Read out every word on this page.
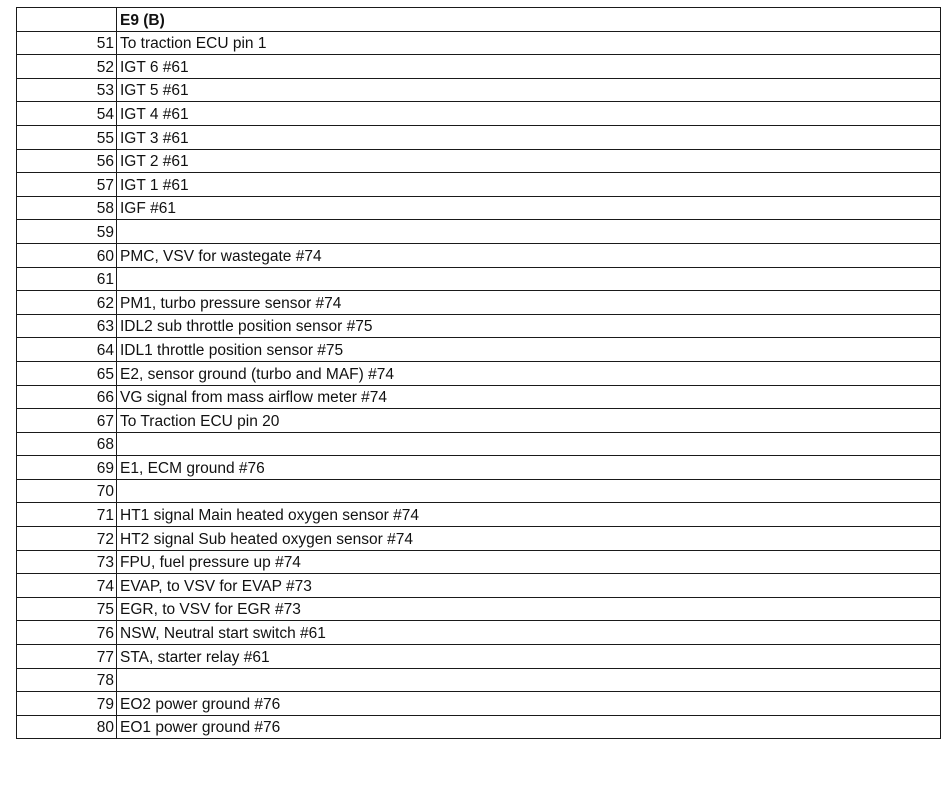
	E9 (B)
51	To traction ECU pin 1
52	IGT 6 #61
53	IGT 5 #61
54	IGT 4 #61
55	IGT 3 #61
56	IGT 2 #61
57	IGT 1 #61
58	IGF #61
59	
60	PMC, VSV for wastegate #74
61	
62	PM1, turbo pressure sensor #74
63	IDL2 sub throttle position sensor #75
64	IDL1 throttle position sensor #75
65	E2, sensor ground (turbo and MAF) #74
66	VG signal from mass airflow meter #74
67	To Traction ECU pin 20
68	
69	E1, ECM ground #76
70	
71	HT1 signal Main heated oxygen sensor #74
72	HT2 signal Sub heated oxygen sensor #74
73	FPU, fuel pressure up #74
74	EVAP, to VSV for EVAP #73
75	EGR, to VSV for EGR #73
76	NSW, Neutral start switch #61
77	STA, starter relay #61
78	
79	EO2 power ground #76
80	EO1 power ground #76
